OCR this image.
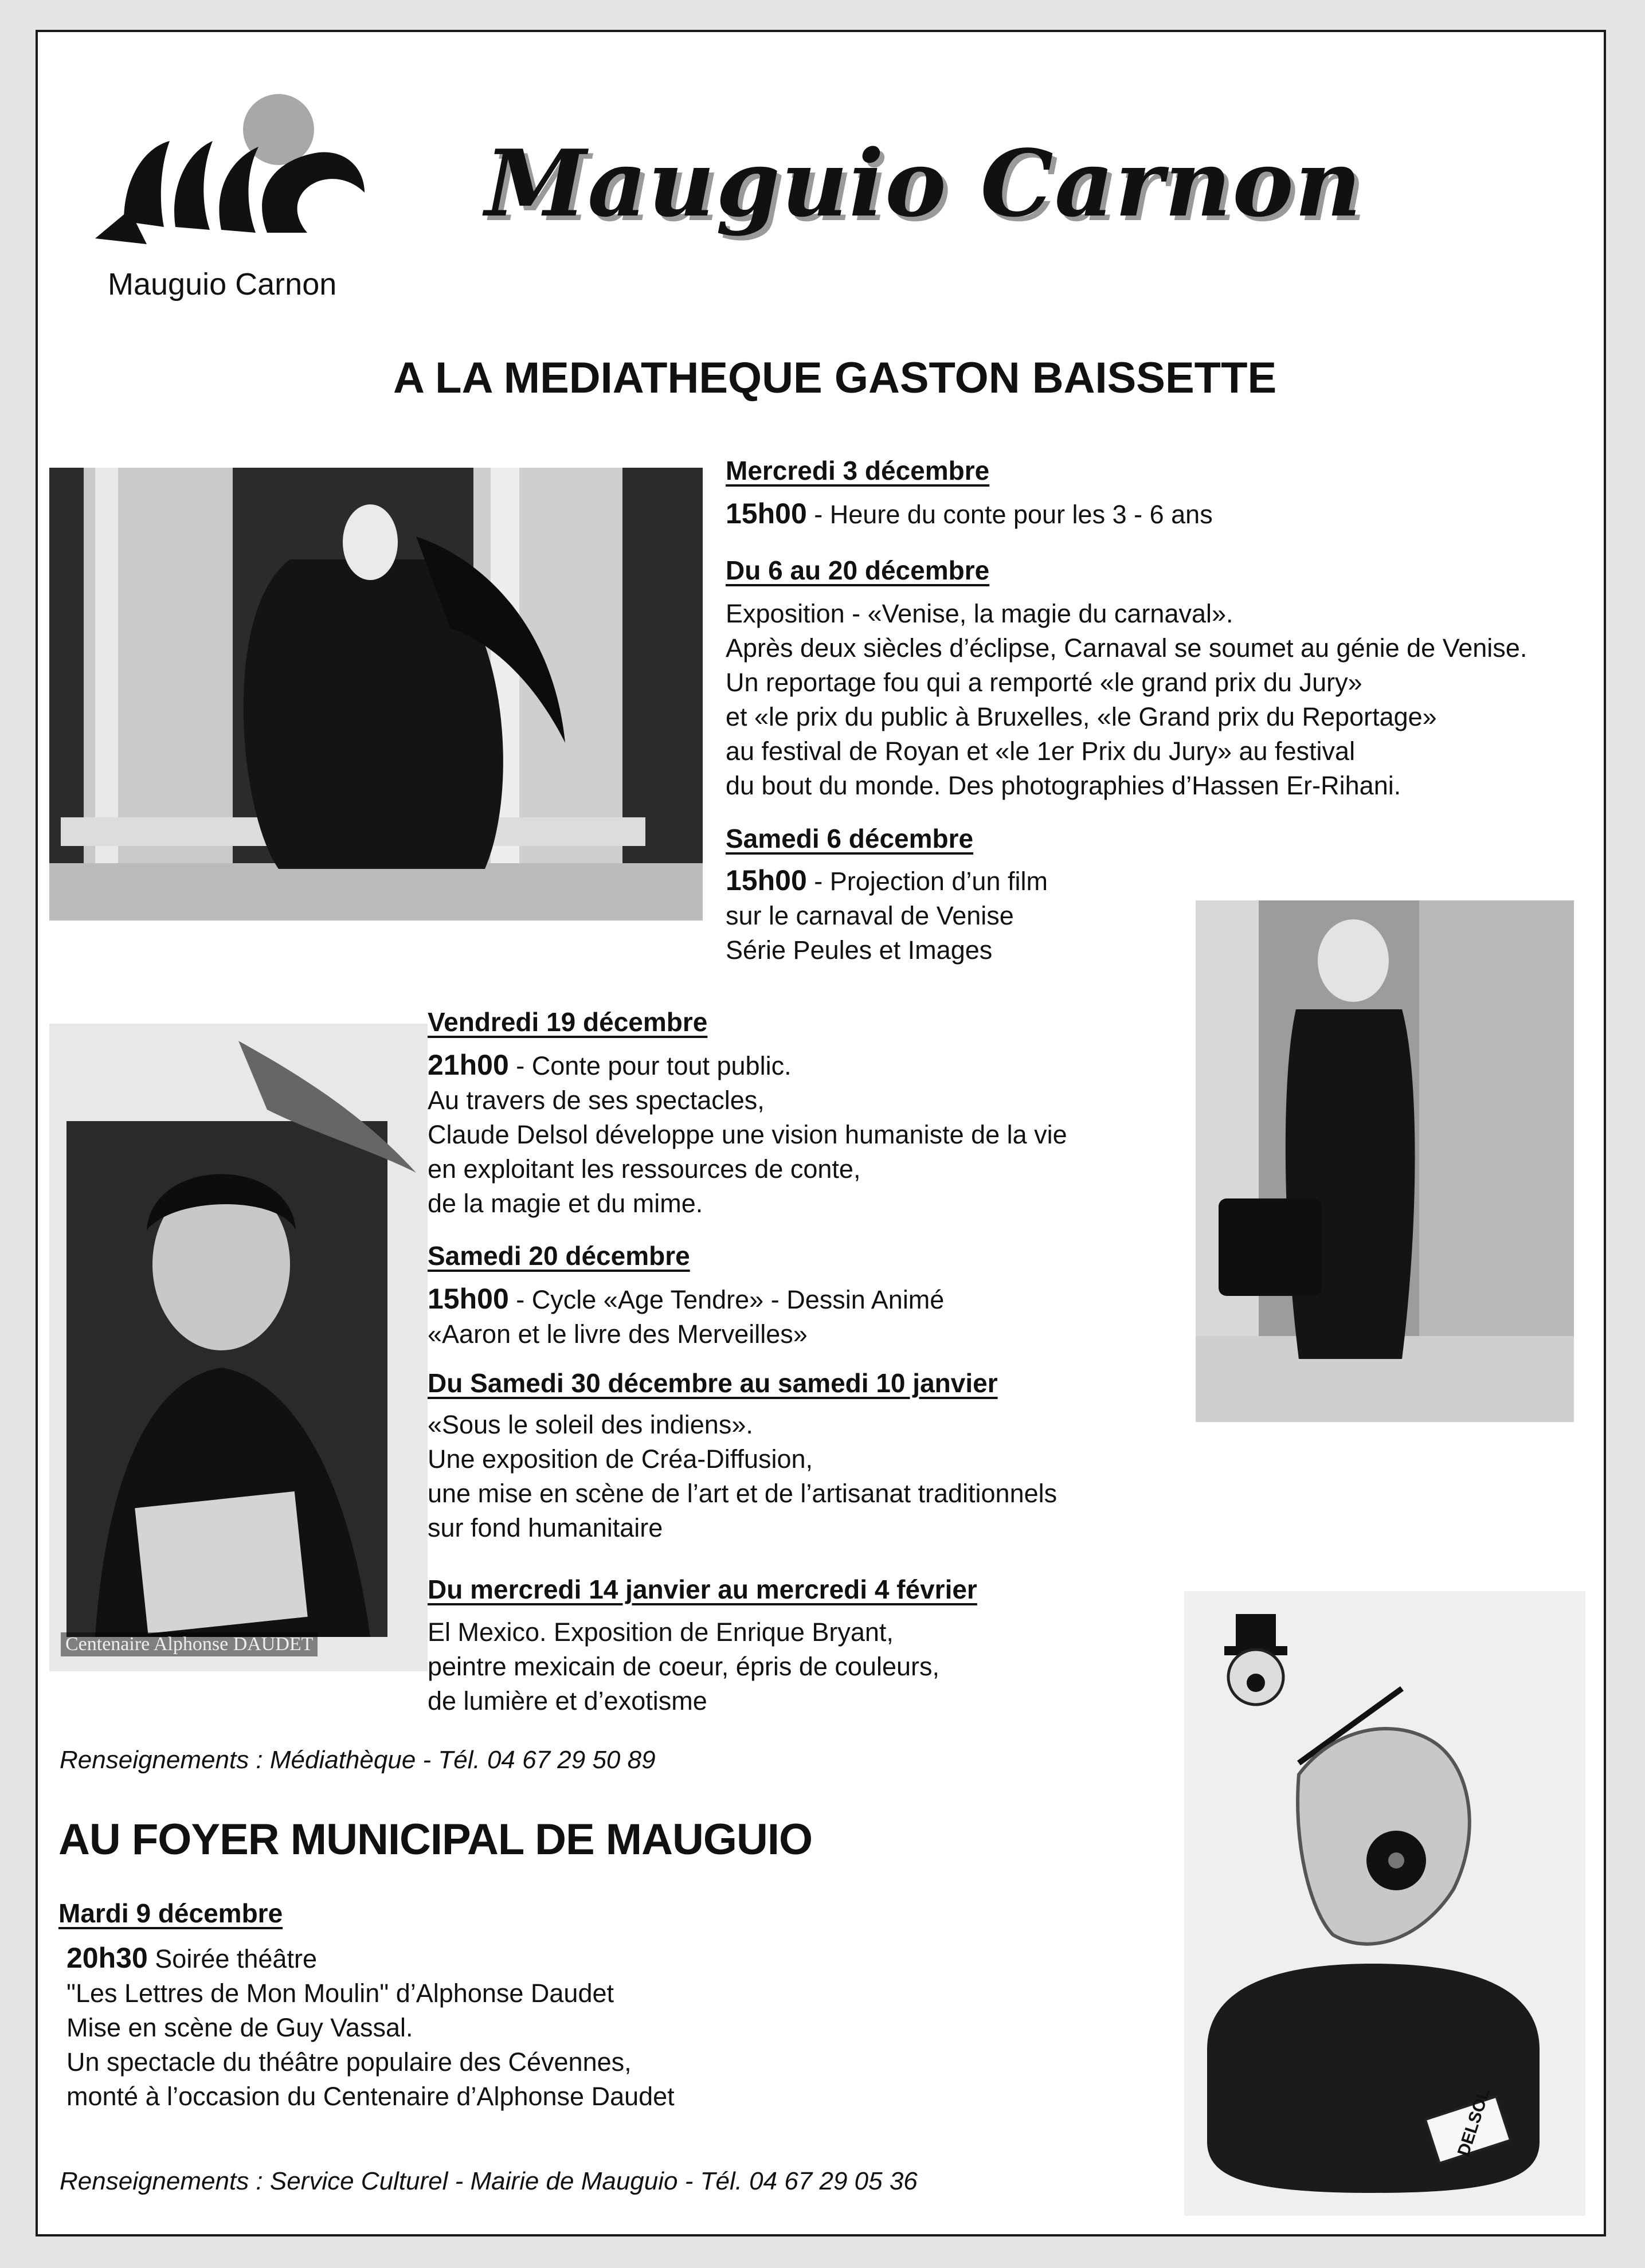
Mauguio Carnon
Mauguio Carnon
A LA MEDIATHEQUE GASTON BAISSETTE
Mercredi 3 décembre
15h00 - Heure du conte pour les 3 - 6 ans
Du 6 au 20 décembre
Exposition - «Venise, la magie du carnaval».
Après deux siècles d’éclipse, Carnaval se soumet au génie de Venise.
Un reportage fou qui a remporté «le grand prix du Jury»
et «le prix du public à Bruxelles, «le Grand prix du Reportage»
au festival de Royan et «le 1er Prix du Jury» au festival
du bout du monde. Des photographies d’Hassen Er-Rihani.
Samedi 6 décembre
15h00 - Projection d’un film
sur le carnaval de Venise
Série Peules et Images
Centenaire Alphonse DAUDET
Vendredi 19 décembre
21h00 - Conte pour tout public.
Au travers de ses spectacles,
Claude Delsol développe une vision humaniste de la vie
en exploitant les ressources de conte,
de la magie et du mime.
Samedi 20 décembre
15h00 - Cycle «Age Tendre» - Dessin Animé
«Aaron et le livre des Merveilles»
Du Samedi 30 décembre au samedi 10 janvier
«Sous le soleil des indiens».
Une exposition de Créa-Diffusion,
une mise en scène de l’art et de l’artisanat traditionnels
sur fond humanitaire
Du mercredi 14 janvier au mercredi 4 février
El Mexico. Exposition de Enrique Bryant,
peintre mexicain de coeur, épris de couleurs,
de lumière et d’exotisme
Renseignements : Médiathèque - Tél. 04 67 29 50 89
AU FOYER MUNICIPAL DE MAUGUIO
Mardi 9 décembre
20h30 Soirée théâtre
"Les Lettres de Mon Moulin" d’Alphonse Daudet
Mise en scène de Guy Vassal.
Un spectacle du théâtre populaire des Cévennes,
monté à l’occasion du Centenaire d’Alphonse Daudet	DELSOL
Renseignements : Service Culturel - Mairie de Mauguio - Tél. 04 67 29 05 36
